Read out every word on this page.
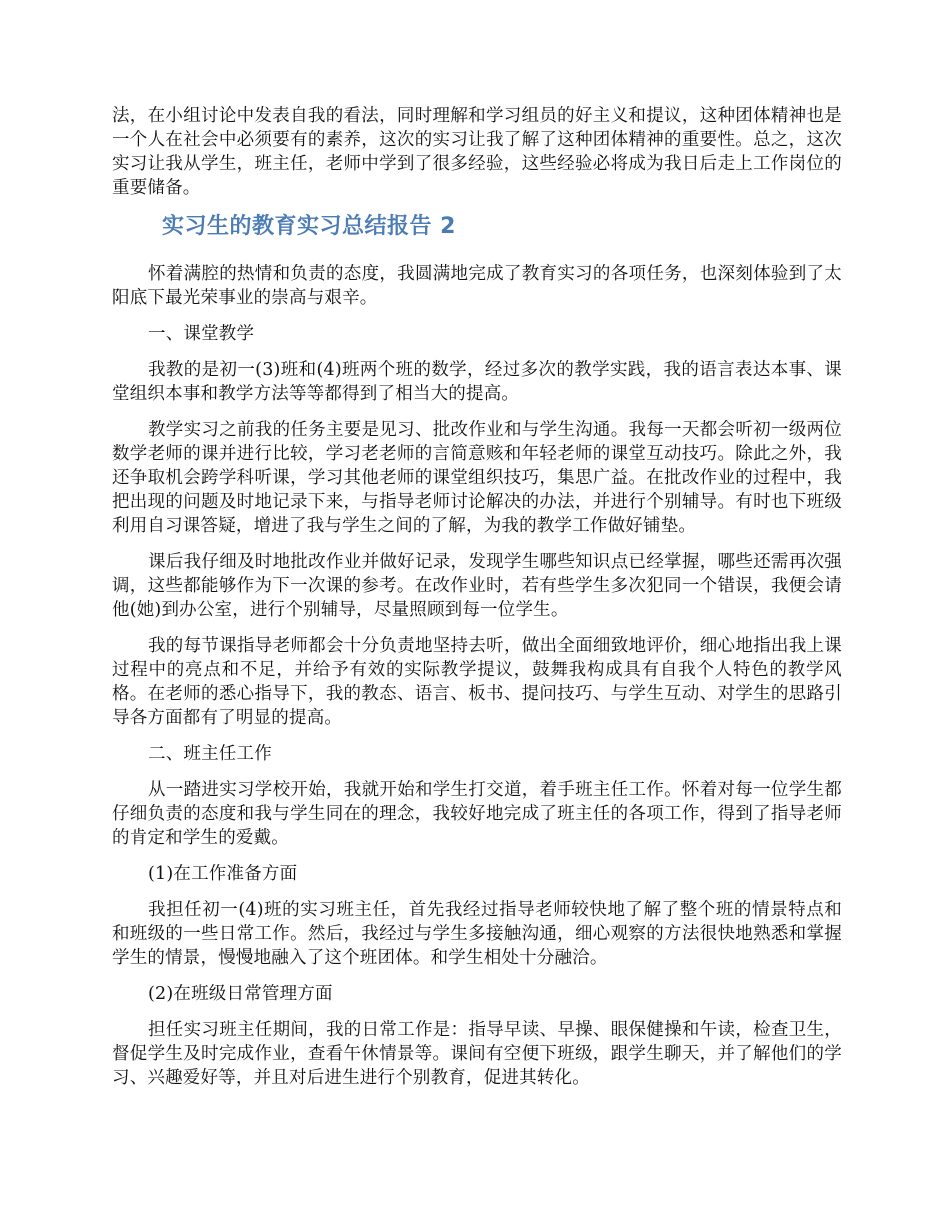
法，在小组讨论中发表自我的看法，同时理解和学习组员的好主义和提议，这种团体精神也是一个人在社会中必须要有的素养，这次的实习让我了解了这种团体精神的重要性。总之，这次实习让我从学生，班主任，老师中学到了很多经验，这些经验必将成为我日后走上工作岗位的重要储备。

实习生的教育实习总结报告 2

怀着满腔的热情和负责的态度，我圆满地完成了教育实习的各项任务，也深刻体验到了太阳底下最光荣事业的崇高与艰辛。

一、课堂教学

我教的是初一(3)班和(4)班两个班的数学，经过多次的教学实践，我的语言表达本事、课堂组织本事和教学方法等等都得到了相当大的提高。

教学实习之前我的任务主要是见习、批改作业和与学生沟通。我每一天都会听初一级两位数学老师的课并进行比较，学习老老师的言简意赅和年轻老师的课堂互动技巧。除此之外，我还争取机会跨学科听课，学习其他老师的课堂组织技巧，集思广益。在批改作业的过程中，我把出现的问题及时地记录下来，与指导老师讨论解决的办法，并进行个别辅导。有时也下班级利用自习课答疑，增进了我与学生之间的了解，为我的教学工作做好铺垫。

课后我仔细及时地批改作业并做好记录，发现学生哪些知识点已经掌握，哪些还需再次强调，这些都能够作为下一次课的参考。在改作业时，若有些学生多次犯同一个错误，我便会请他(她)到办公室，进行个别辅导，尽量照顾到每一位学生。

我的每节课指导老师都会十分负责地坚持去听，做出全面细致地评价，细心地指出我上课过程中的亮点和不足，并给予有效的实际教学提议，鼓舞我构成具有自我个人特色的教学风格。在老师的悉心指导下，我的教态、语言、板书、提问技巧、与学生互动、对学生的思路引导各方面都有了明显的提高。

二、班主任工作

从一踏进实习学校开始，我就开始和学生打交道，着手班主任工作。怀着对每一位学生都仔细负责的态度和我与学生同在的理念，我较好地完成了班主任的各项工作，得到了指导老师的肯定和学生的爱戴。

(1)在工作准备方面

我担任初一(4)班的实习班主任，首先我经过指导老师较快地了解了整个班的情景特点和和班级的一些日常工作。然后，我经过与学生多接触沟通，细心观察的方法很快地熟悉和掌握学生的情景，慢慢地融入了这个班团体。和学生相处十分融洽。

(2)在班级日常管理方面

担任实习班主任期间，我的日常工作是：指导早读、早操、眼保健操和午读，检查卫生，督促学生及时完成作业，查看午休情景等。课间有空便下班级，跟学生聊天，并了解他们的学习、兴趣爱好等，并且对后进生进行个别教育，促进其转化。
